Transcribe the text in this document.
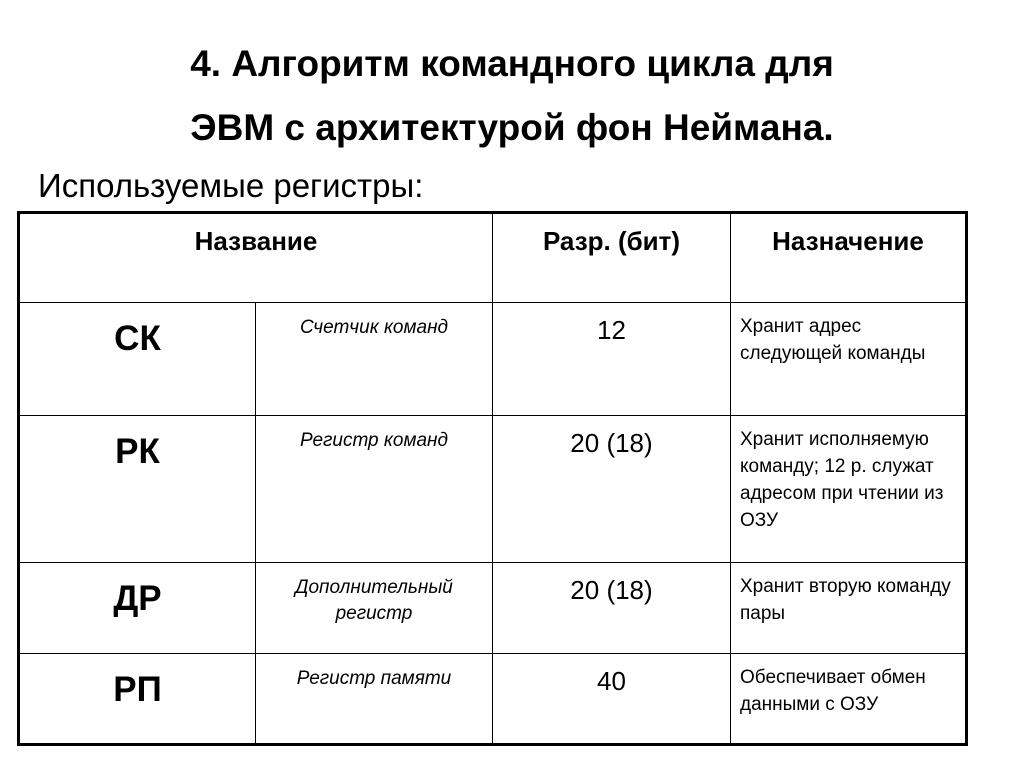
4. Алгоритм командного цикла для
ЭВМ с архитектурой фон Неймана.
Используемые регистры:
Название		Разр. (бит)	Назначение
СК	Счетчик команд	12	Хранит адрес следующей команды
РК	Регистр команд	20 (18)	Хранит исполняемую команду; 12 р. служат адресом при чтении из ОЗУ
ДР	Дополнительный регистр	20 (18)	Хранит вторую команду пары
РП	Регистр памяти	40	Обеспечивает обмен данными с ОЗУ
